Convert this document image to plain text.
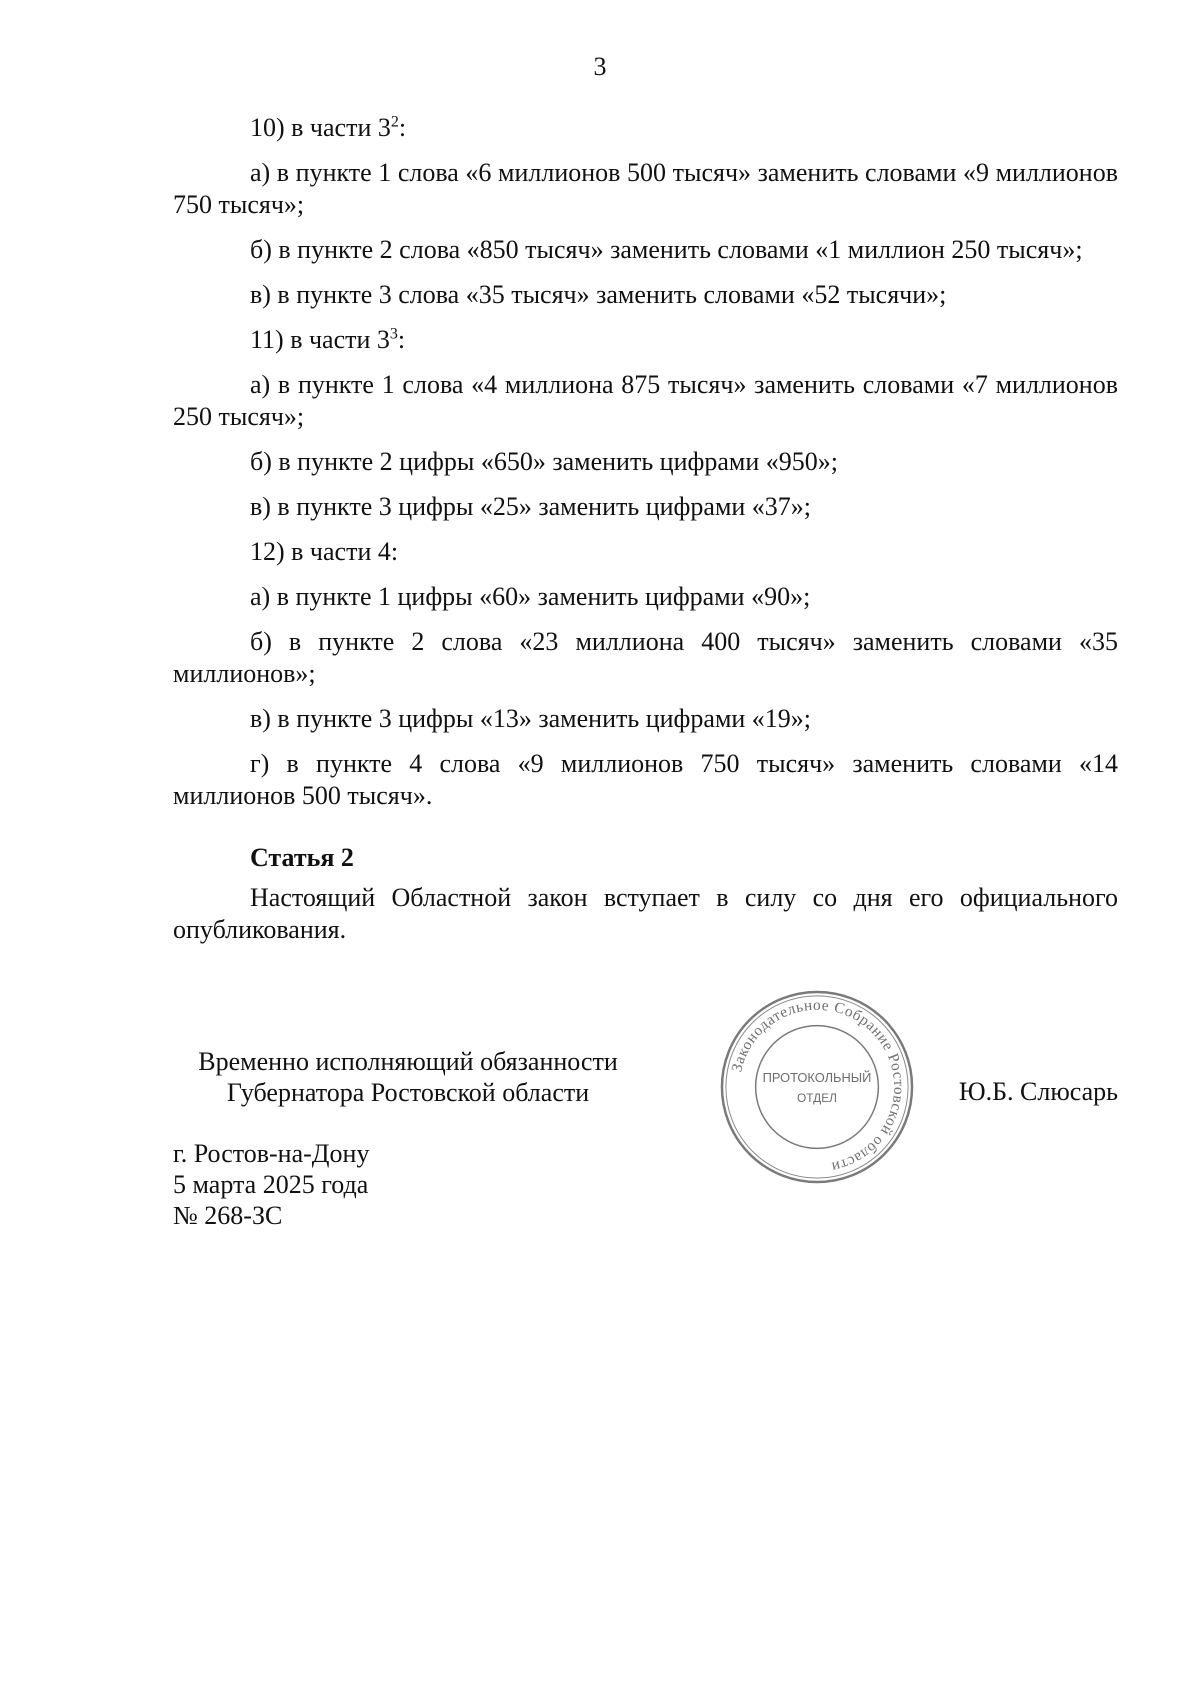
3

10) в части $3^2$:

а) в пункте 1 слова «6 миллионов 500 тысяч» заменить словами «9 миллионов 750 тысяч»;

б) в пункте 2 слова «850 тысяч» заменить словами «1 миллион 250 тысяч»;

в) в пункте 3 слова «35 тысяч» заменить словами «52 тысячи»;

11) в части $3^3$:

а) в пункте 1 слова «4 миллиона 875 тысяч» заменить словами «7 миллионов 250 тысяч»;

б) в пункте 2 цифры «650» заменить цифрами «950»;

в) в пункте 3 цифры «25» заменить цифрами «37»;

12) в части 4:

а) в пункте 1 цифры «60» заменить цифрами «90»;

б) в пункте 2 слова «23 миллиона 400 тысяч» заменить словами «35 миллионов»;

в) в пункте 3 цифры «13» заменить цифрами «19»;

г) в пункте 4 слова «9 миллионов 750 тысяч» заменить словами «14 миллионов 500 тысяч».

Статья 2

Настоящий Областной закон вступает в силу со дня его официального опубликования.

Временно исполняющий обязанности
Губернатора Ростовской области
Законодательное Собрание Ростовской области
ПРОТОКОЛЬНЫЙ
ОТДЕЛ	Ю.Б. Слюсарь
г. Ростов-на-Дону
5 марта 2025 года
№ 268-ЗС
